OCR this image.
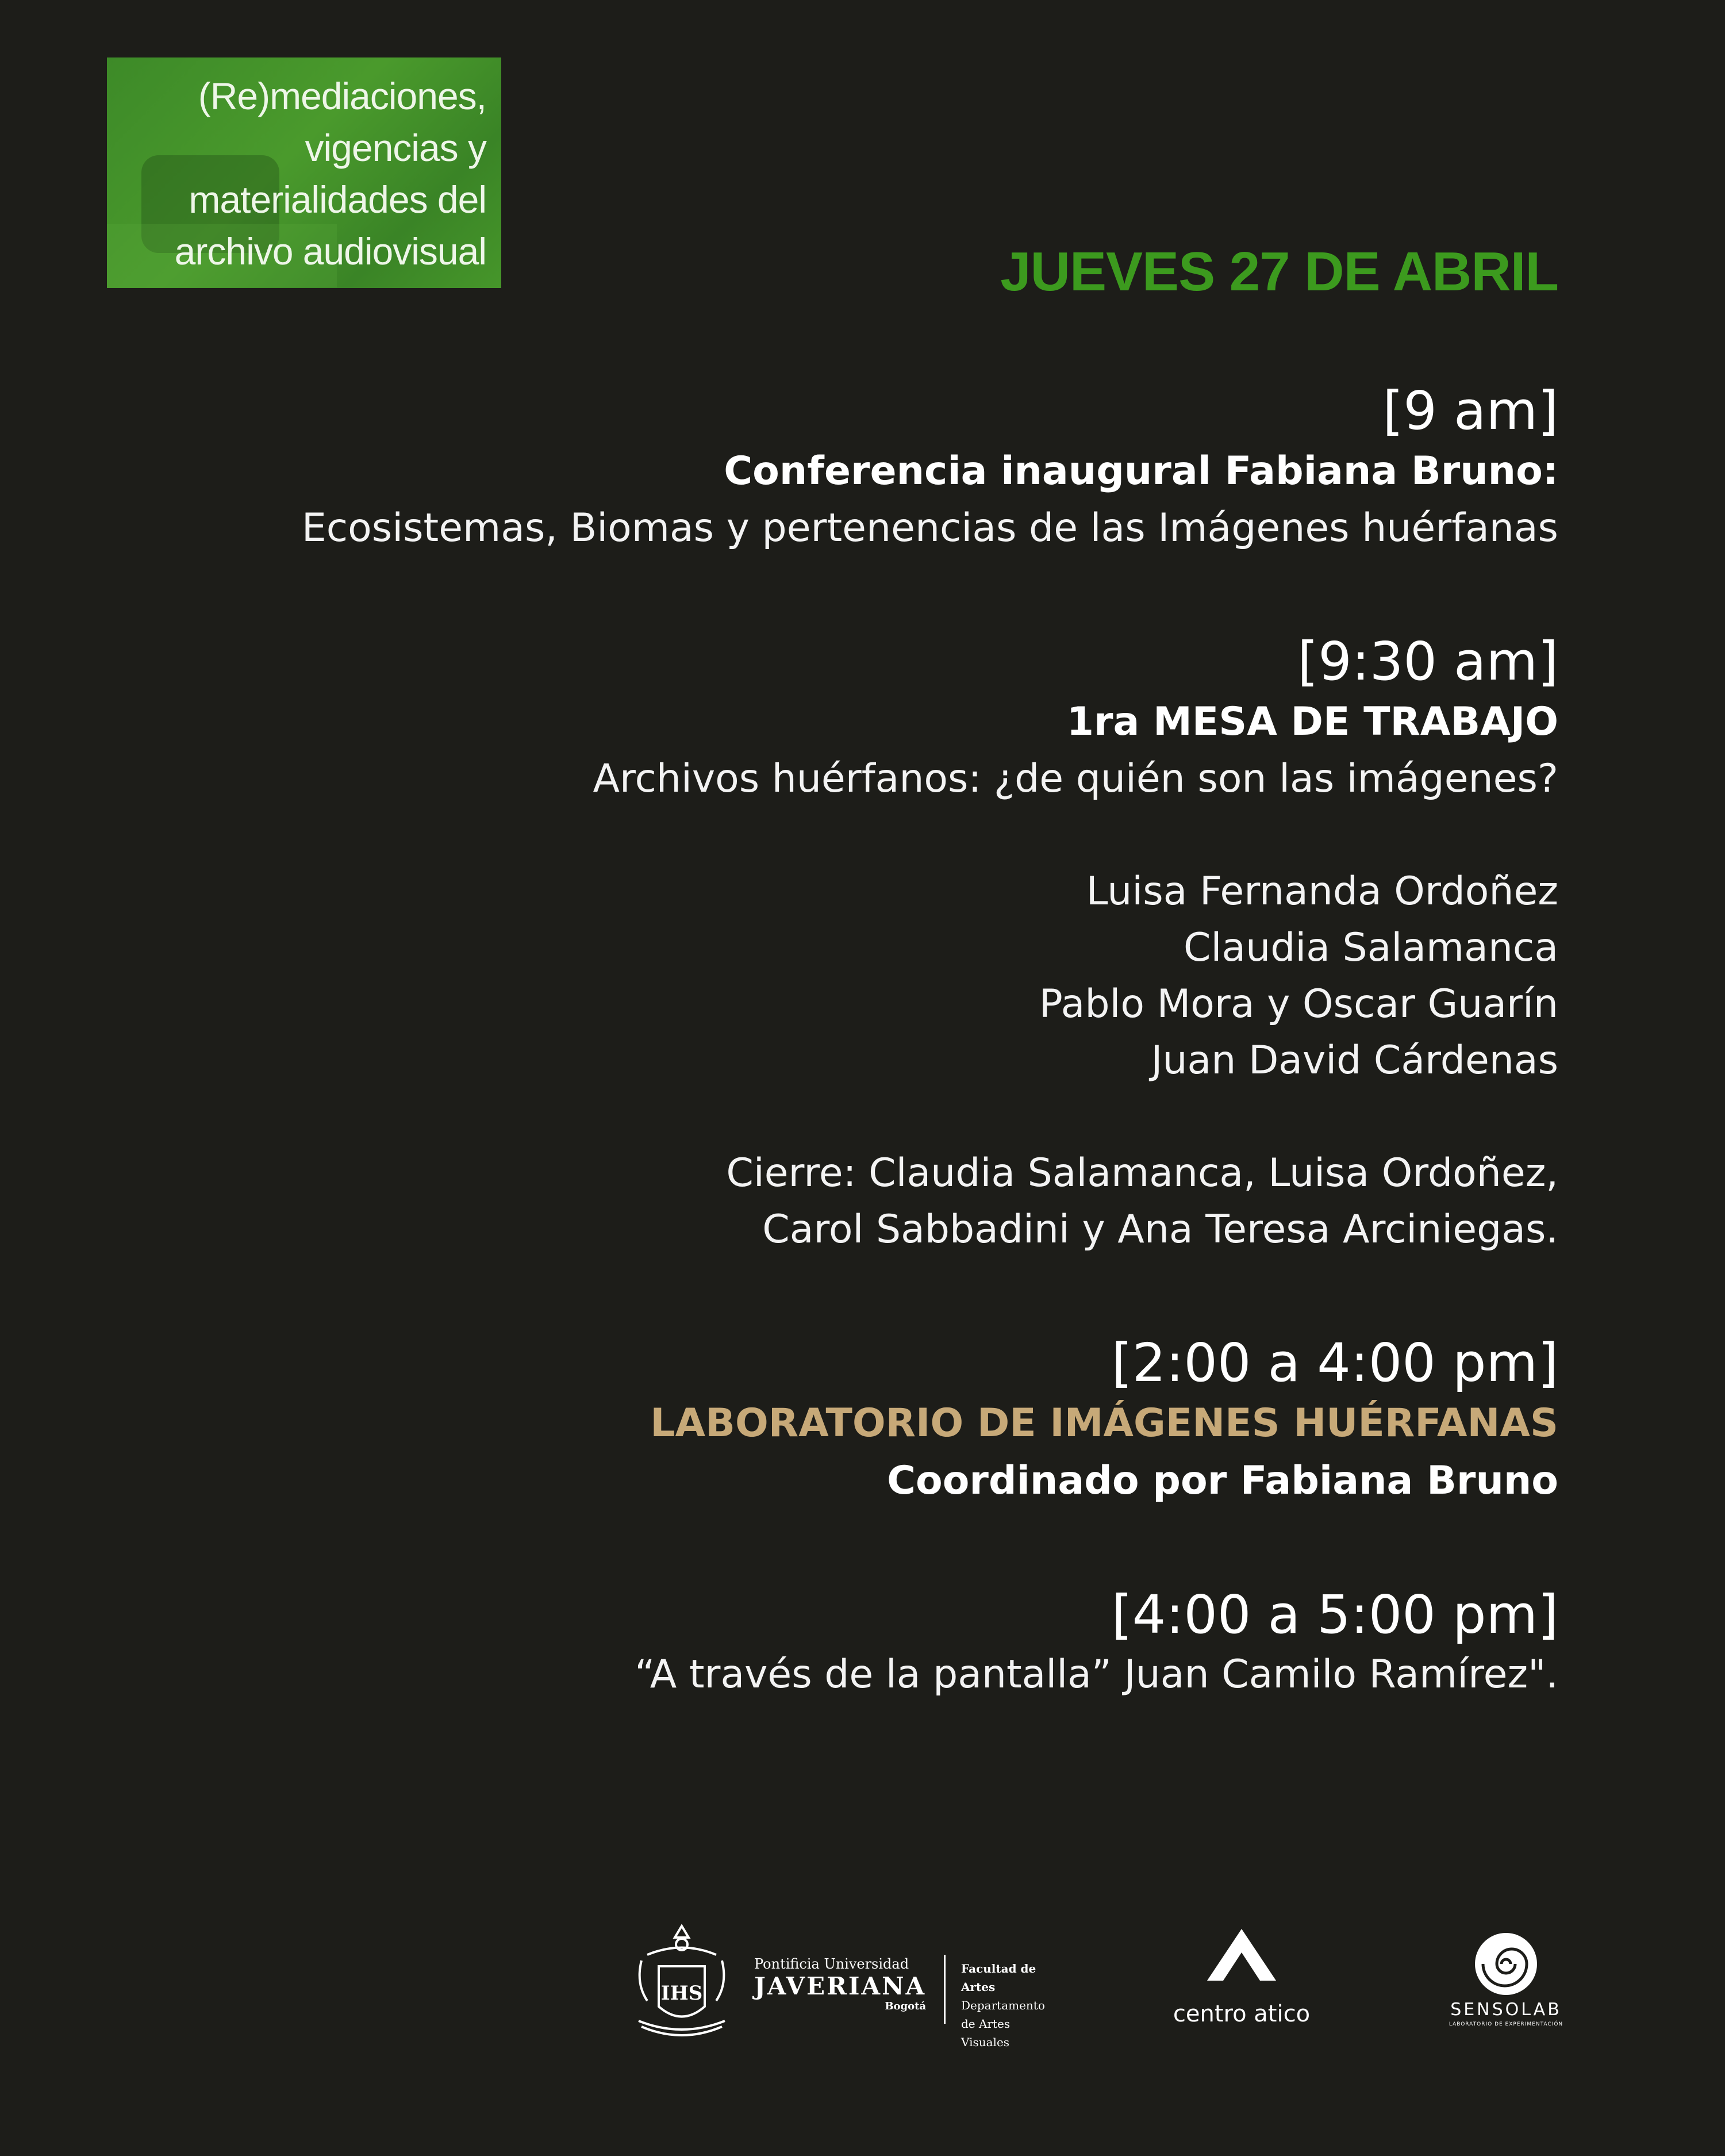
(Re)mediaciones,
vigencias y
materialidades del
archivo audiovisual	JUEVES 27 DE ABRIL
[9 am]
Conferencia inaugural Fabiana Bruno:
Ecosistemas, Biomas y pertenencias de las Imágenes huérfanas
[9:30 am]
1ra MESA DE TRABAJO
Archivos huérfanos: ¿de quién son las imágenes?
Luisa Fernanda Ordoñez
Claudia Salamanca
Pablo Mora y Oscar Guarín
Juan David Cárdenas
Cierre: Claudia Salamanca, Luisa Ordoñez,
Carol Sabbadini y Ana Teresa Arciniegas.
[2:00 a 4:00 pm]
LABORATORIO DE IMÁGENES HUÉRFANAS
Coordinado por Fabiana Bruno
[4:00 a 5:00 pm]
“A través de la pantalla” Juan Camilo Ramírez".
IHS
Pontificia Universidad
JAVERIANA
Bogotá
Facultad de Artes
Departamento
de Artes Visuales
centro atico	SENSOLAB
LABORATORIO DE EXPERIMENTACIÓN
